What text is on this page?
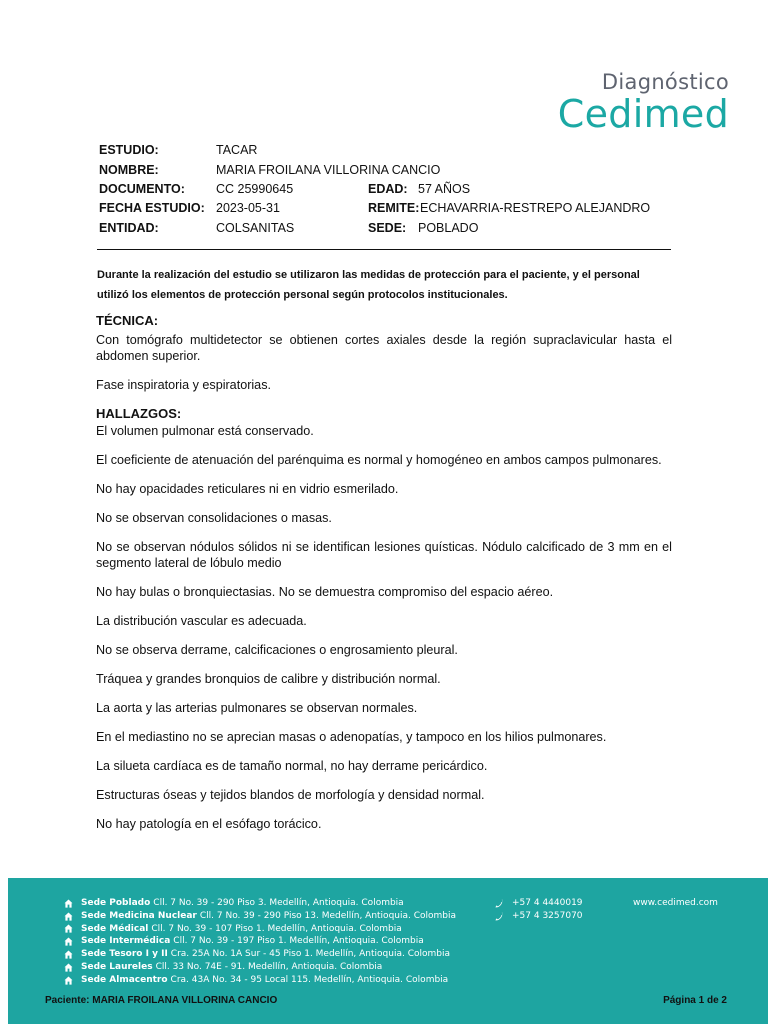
Diagnóstico
Cedimed
ESTUDIO:	TACAR
NOMBRE:	MARIA FROILANA VILLORINA CANCIO
DOCUMENTO: CC 25990645	EDAD: 57 AÑOS
FECHA ESTUDIO: 2023-05-31	REMITE: ECHAVARRIA-RESTREPO ALEJANDRO
ENTIDAD:	COLSANITAS	SEDE: POBLADO
Durante la realización del estudio se utilizaron las medidas de protección para el paciente, y el personal utilizó los elementos de protección personal según protocolos institucionales.
TÉCNICA:

Con tomógrafo multidetector se obtienen cortes axiales desde la región supraclavicular hasta el abdomen superior.

Fase inspiratoria y espiratorias.

HALLAZGOS:

El volumen pulmonar está conservado.

El coeficiente de atenuación del parénquima es normal y homogéneo en ambos campos pulmonares.

No hay opacidades reticulares ni en vidrio esmerilado.

No se observan consolidaciones o masas.

No se observan nódulos sólidos ni se identifican lesiones quísticas. Nódulo calcificado de 3 mm en el segmento lateral de lóbulo medio

No hay bulas o bronquiectasias. No se demuestra compromiso del espacio aéreo.

La distribución vascular es adecuada.

No se observa derrame, calcificaciones o engrosamiento pleural.

Tráquea y grandes bronquios de calibre y distribución normal.

La aorta y las arterias pulmonares se observan normales.

En el mediastino no se aprecian masas o adenopatías, y tampoco en los hilios pulmonares.

La silueta cardíaca es de tamaño normal, no hay derrame pericárdico.

Estructuras óseas y tejidos blandos de morfología y densidad normal.

No hay patología en el esófago torácico.

Sede Poblado Cll. 7 No. 39 - 290 Piso 3. Medellín, Antioquia. Colombia
Sede Medicina Nuclear Cll. 7 No. 39 - 290 Piso 13. Medellín, Antioquia. Colombia
Sede Médical Cll. 7 No. 39 - 107 Piso 1. Medellín, Antioquia. Colombia
Sede Intermédica Cll. 7 No. 39 - 197 Piso 1. Medellín, Antioquia. Colombia
Sede Tesoro I y II Cra. 25A No. 1A Sur - 45 Piso 1. Medellín, Antioquia. Colombia
Sede Laureles Cll. 33 No. 74E - 91. Medellín, Antioquia. Colombia
Sede Almacentro Cra. 43A No. 34 - 95 Local 115. Medellín, Antioquia. Colombia
+57 4 4440019
+57 4 3257070
www.cedimed.com
Paciente: MARIA FROILANA VILLORINA CANCIO	Página 1 de 2
